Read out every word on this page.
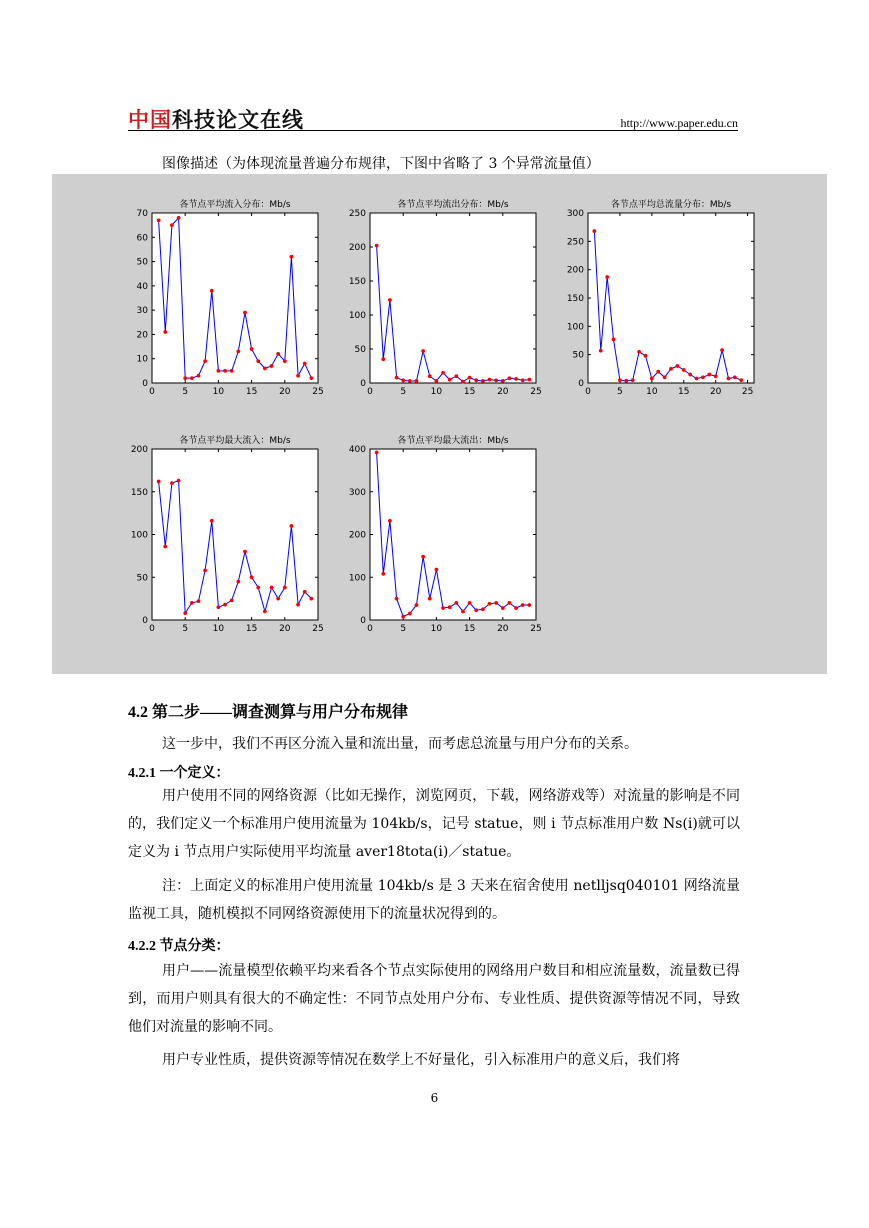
中国科技论文在线	http://www.paper.edu.cn
图像描述（为体现流量普遍分布规律，下图中省略了 3 个异常流量值）
各节点平均流入分布：Mb/s
0	5	10 15 20 25
0
10
20
30
40
50
60
70
各节点平均流出分布：Mb/s
0	5	10 15 20 25
0
50
100
150
200
250
各节点平均总流量分布：Mb/s
0	5	10 15 20 25
0
50
100
150
200
250
300
各节点平均最大流入：Mb/s
0	5	10 15 20 25
0
50
100
150
200
各节点平均最大流出：Mb/s
0	5	10 15 20 25
0
100
200
300
400
4.2 第二步——调查测算与用户分布规律
这一步中，我们不再区分流入量和流出量，而考虑总流量与用户分布的关系。
4.2.1 一个定义：
用户使用不同的网络资源（比如无操作，浏览网页，下载，网络游戏等）对流量的影响是不同的，我们定义一个标准用户使用流量为 104kb/s，记号 statue，则 i 节点标准用户数 Ns(i)就可以定义为 i 节点用户实际使用平均流量 aver18tota(i)／statue。
注：上面定义的标准用户使用流量 104kb/s 是 3 天来在宿舍使用 netlljsq040101 网络流量监视工具，随机模拟不同网络资源使用下的流量状况得到的。
4.2.2 节点分类：
用户——流量模型依赖平均来看各个节点实际使用的网络用户数目和相应流量数，流量数已得到，而用户则具有很大的不确定性：不同节点处用户分布、专业性质、提供资源等情况不同，导致他们对流量的影响不同。
用户专业性质，提供资源等情况在数学上不好量化，引入标准用户的意义后，我们将
6
